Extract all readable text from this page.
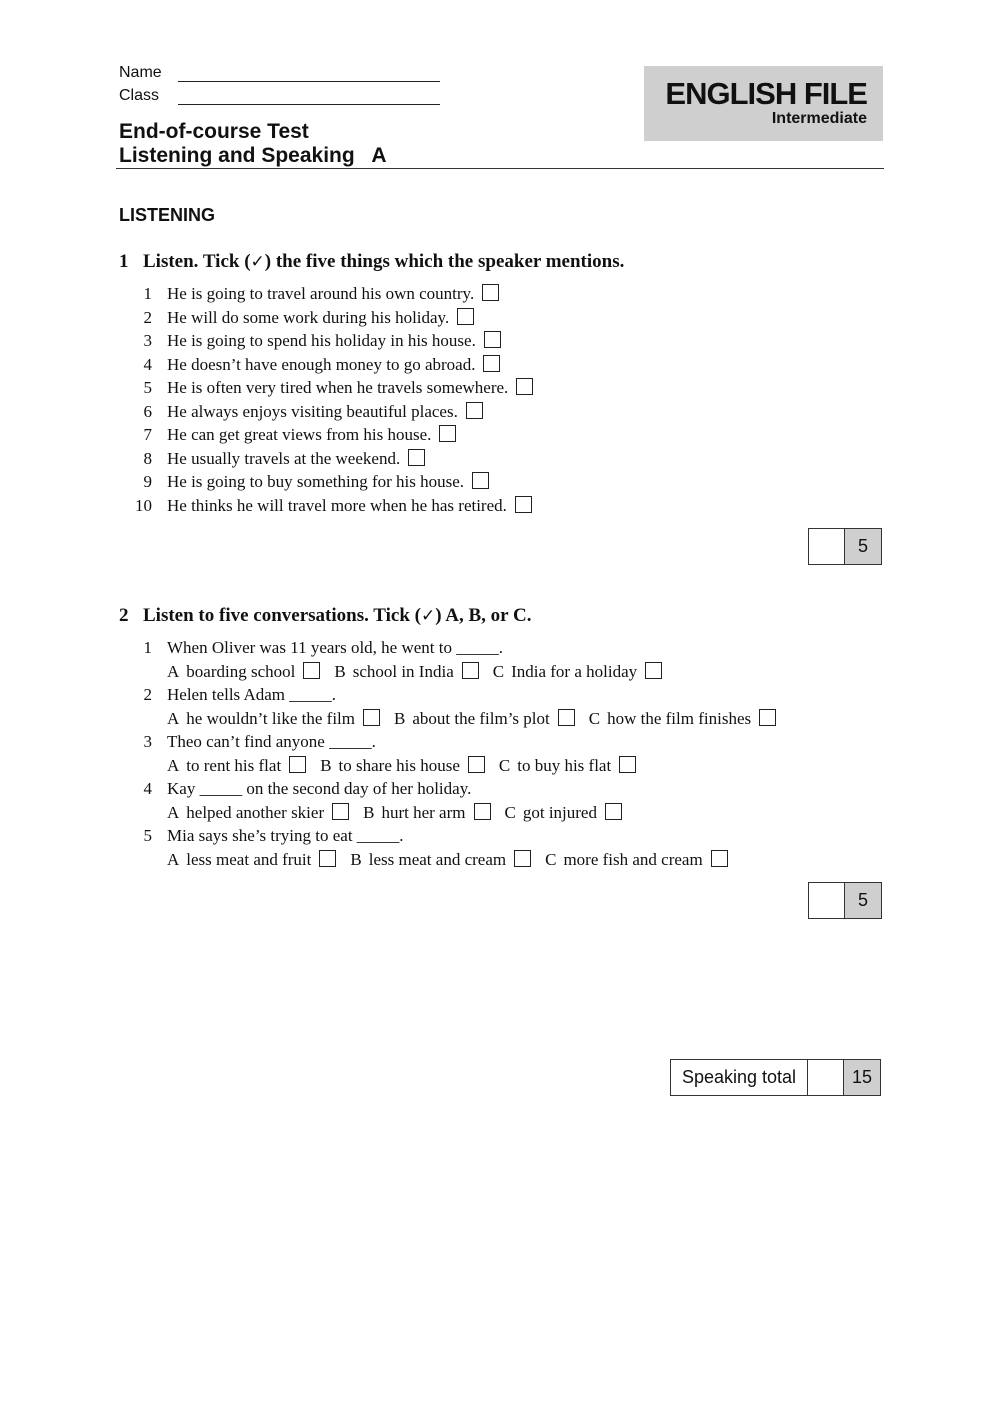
Name
Class
End-of-course Test
Listening and Speaking   A
ENGLISH FILE
Intermediate
LISTENING
1 Listen. Tick (✓) the five things which the speaker mentions.
1 He is going to travel around his own country.
2 He will do some work during his holiday.
3 He is going to spend his holiday in his house.
4 He doesn’t have enough money to go abroad.
5 He is often very tired when he travels somewhere.
6 He always enjoys visiting beautiful places.
7 He can get great views from his house.
8 He usually travels at the weekend.
9 He is going to buy something for his house.
10 He thinks he will travel more when he has retired.
5
2 Listen to five conversations. Tick (✓) A, B, or C.
1 When Oliver was 11 years old, he went to _____.
A boarding school B school in India C India for a holiday
2 Helen tells Adam _____.
A he wouldn’t like the film B about the film’s plot C how the film finishes
3 Theo can’t find anyone _____.
A to rent his flat B to share his house C to buy his flat
4 Kay _____ on the second day of her holiday.
A helped another skier B hurt her arm C got injured
5 Mia says she’s trying to eat _____.
A less meat and fruit B less meat and cream C more fish and cream
5
Speaking total	15
